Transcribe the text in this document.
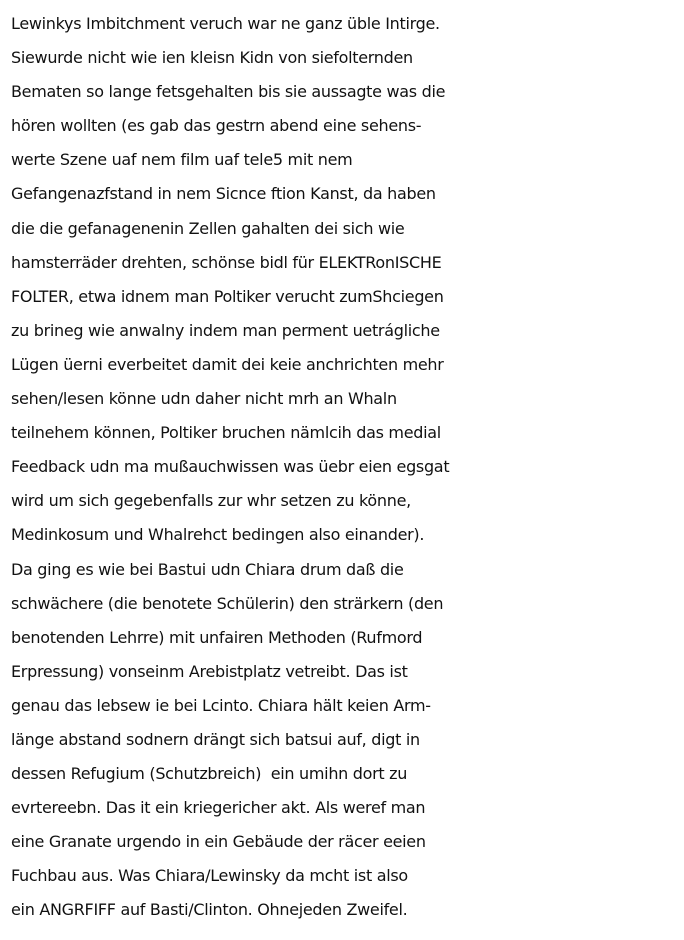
Lewinkys Imbitchment veruch war ne ganz üble Intirge.
Siewurde nicht wie ien kleisn Kidn von siefolternden
Bematen so lange fetsgehalten bis sie aussagte was die
hören wollten (es gab das gestrn abend eine sehens-
werte Szene uaf nem film uaf tele5 mit nem
Gefangenazfstand in nem Sicnce ftion Kanst, da haben
die die gefanagenenin Zellen gahalten dei sich wie
hamsterräder drehten, schönse bidl für ELEKTRonISCHE
FOLTER, etwa idnem man Poltiker verucht zumShciegen
zu brineg wie anwalny indem man perment uetrágliche
Lügen üerni everbeitet damit dei keie anchrichten mehr
sehen/lesen könne udn daher nicht mrh an Whaln
teilnehem können, Poltiker bruchen nämlcih das medial
Feedback udn ma mußauchwissen was üebr eien egsgat
wird um sich gegebenfalls zur whr setzen zu könne,
Medinkosum und Whalrehct bedingen also einander).
Da ging es wie bei Bastui udn Chiara drum daß die
schwächere (die benotete Schülerin) den strärkern (den
benotenden Lehrre) mit unfairen Methoden (Rufmord
Erpressung) vonseinm Arebistplatz vetreibt. Das ist
genau das lebsew ie bei Lcinto. Chiara hält keien Arm-
länge abstand sodnern drängt sich batsui auf, digt in
dessen Refugium (Schutzbreich)  ein umihn dort zu
evrtereebn. Das it ein kriegericher akt. Als weref man
eine Granate urgendo in ein Gebäude der räcer eeien
Fuchbau aus. Was Chiara/Lewinsky da mcht ist also
ein ANGRFIFF auf Basti/Clinton. Ohnejeden Zweifel.
